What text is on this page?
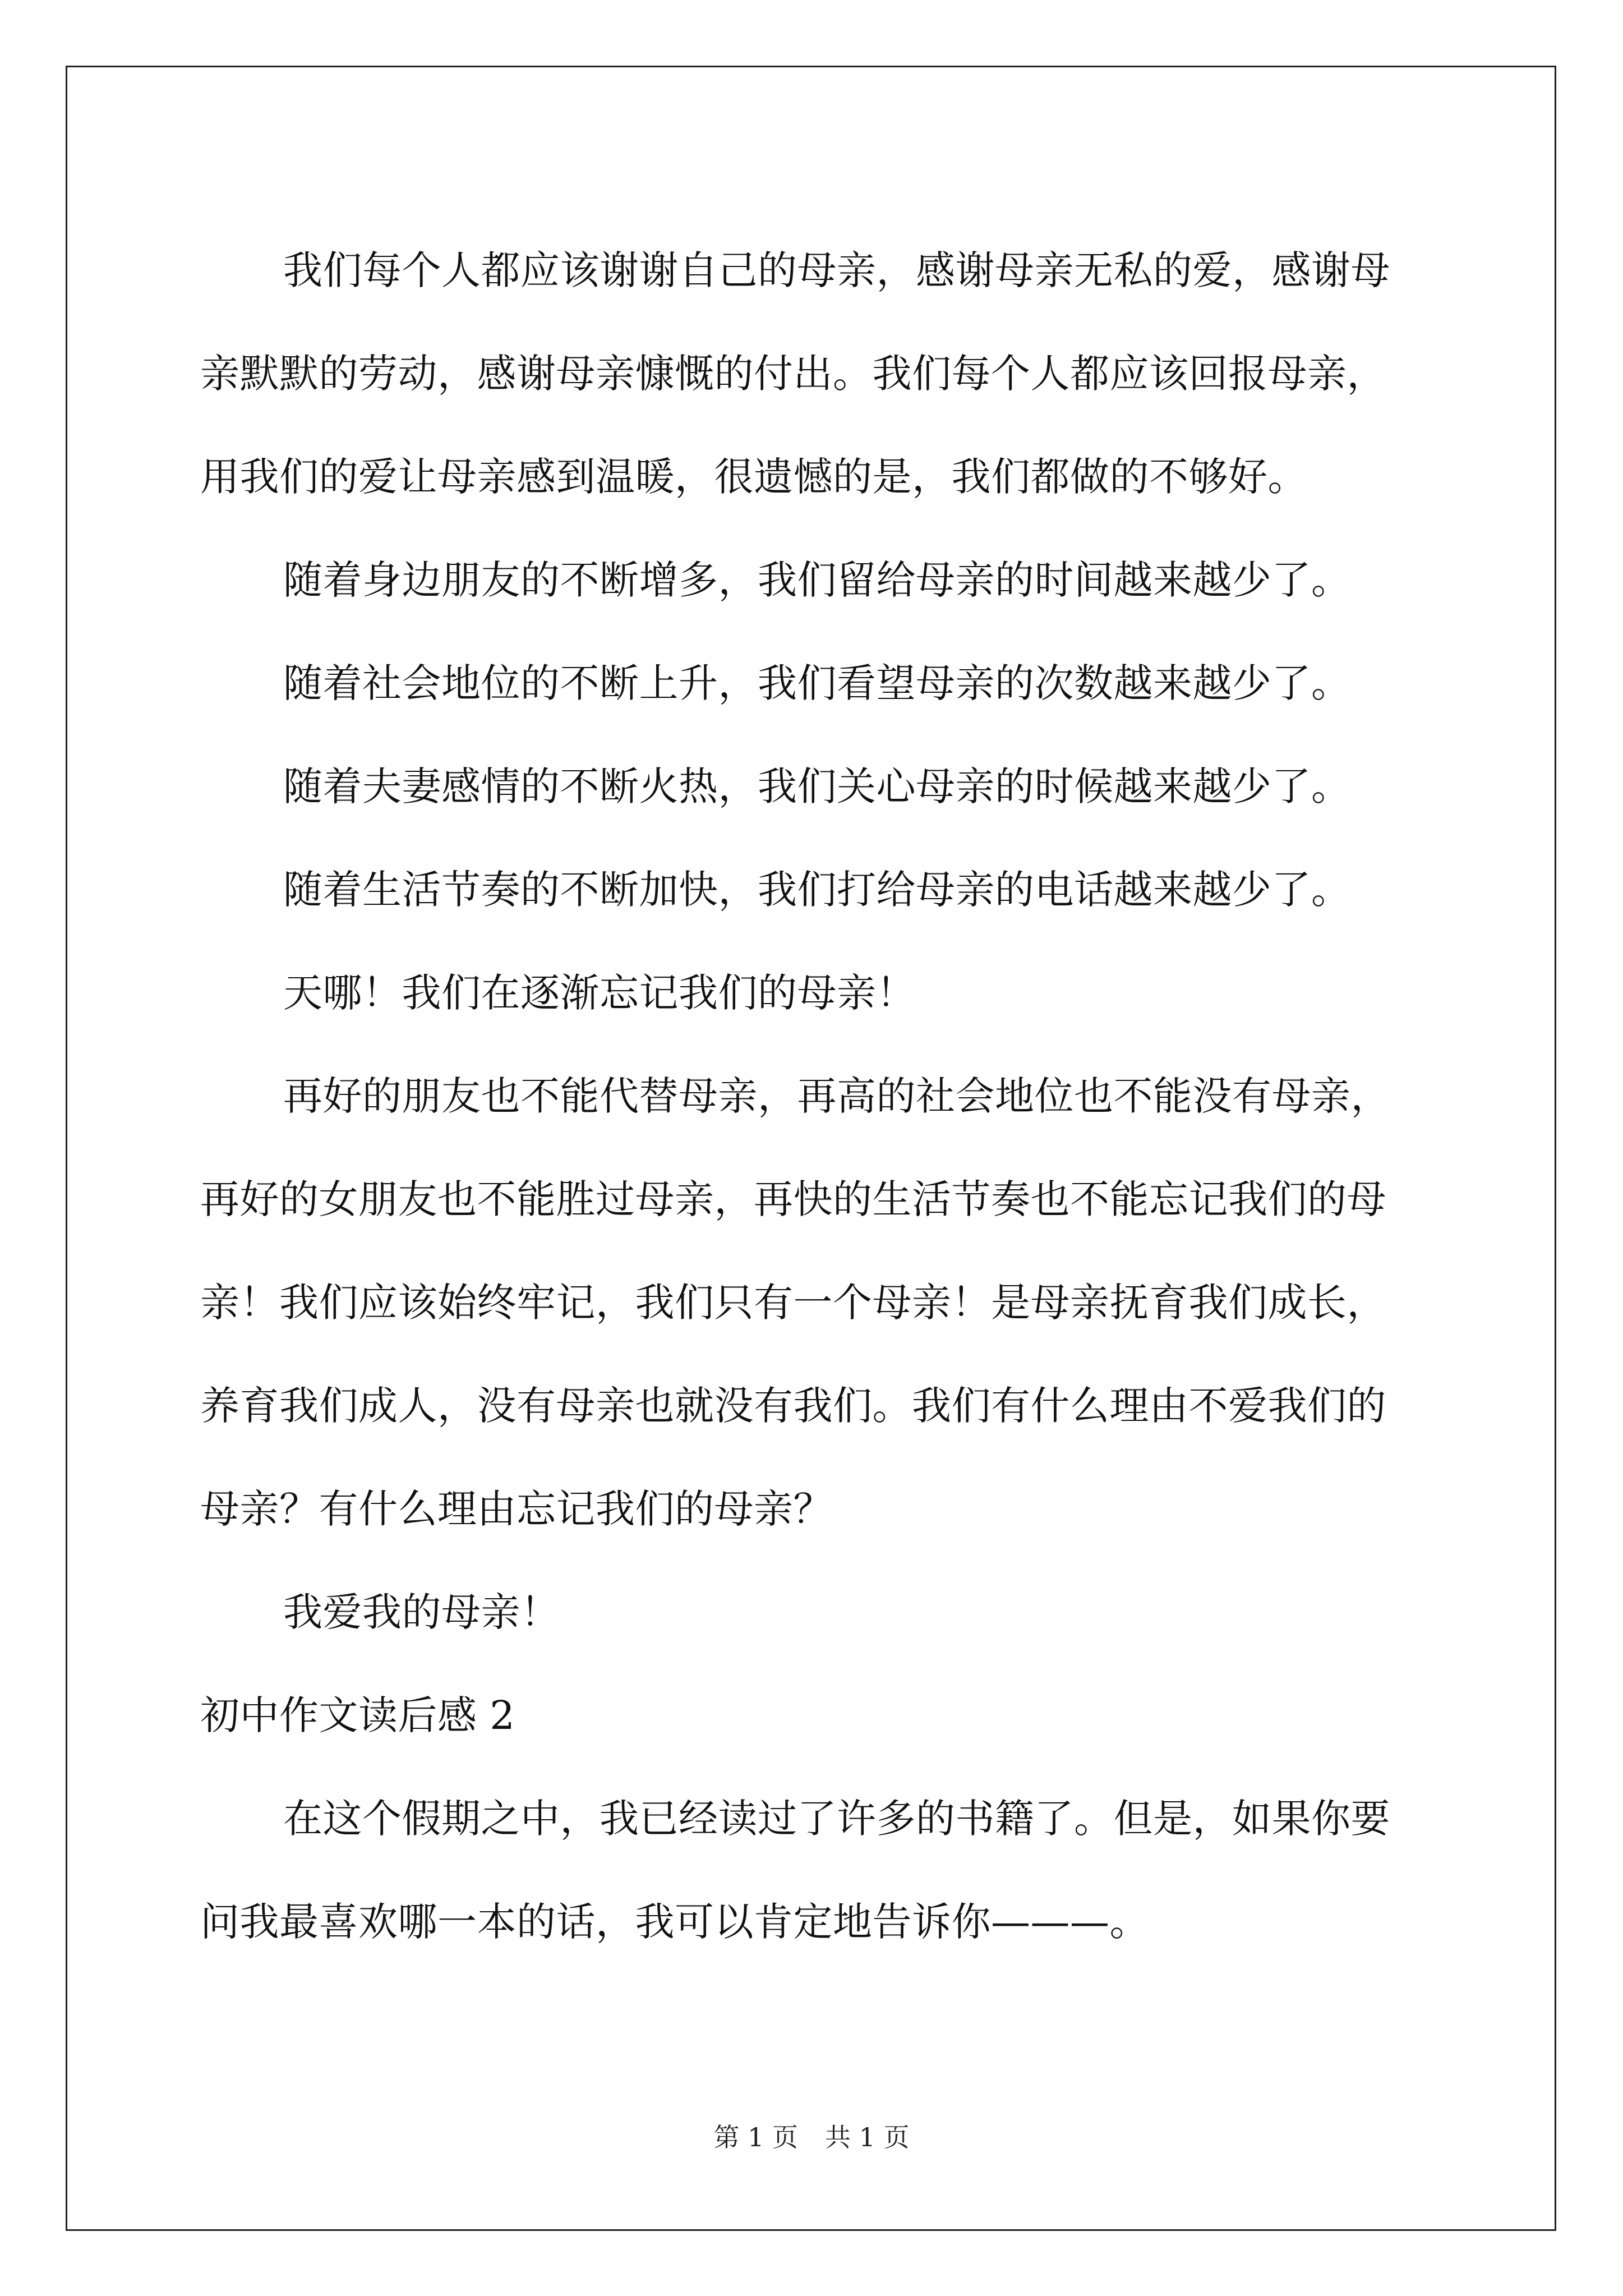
我们每个人都应该谢谢自己的母亲，感谢母亲无私的爱，感谢母
亲默默的劳动，感谢母亲慷慨的付出。我们每个人都应该回报母亲，
用我们的爱让母亲感到温暖，很遗憾的是，我们都做的不够好。
随着身边朋友的不断增多，我们留给母亲的时间越来越少了。
随着社会地位的不断上升，我们看望母亲的次数越来越少了。
随着夫妻感情的不断火热，我们关心母亲的时候越来越少了。
随着生活节奏的不断加快，我们打给母亲的电话越来越少了。
天哪！我们在逐渐忘记我们的母亲！
再好的朋友也不能代替母亲，再高的社会地位也不能没有母亲，
再好的女朋友也不能胜过母亲，再快的生活节奏也不能忘记我们的母
亲！我们应该始终牢记，我们只有一个母亲！是母亲抚育我们成长，
养育我们成人，没有母亲也就没有我们。我们有什么理由不爱我们的
母亲？有什么理由忘记我们的母亲？
我爱我的母亲！
初中作文读后感 2
在这个假期之中，我已经读过了许多的书籍了。但是，如果你要
问我最喜欢哪一本的话，我可以肯定地告诉你———。
第 1 页 共 1 页
